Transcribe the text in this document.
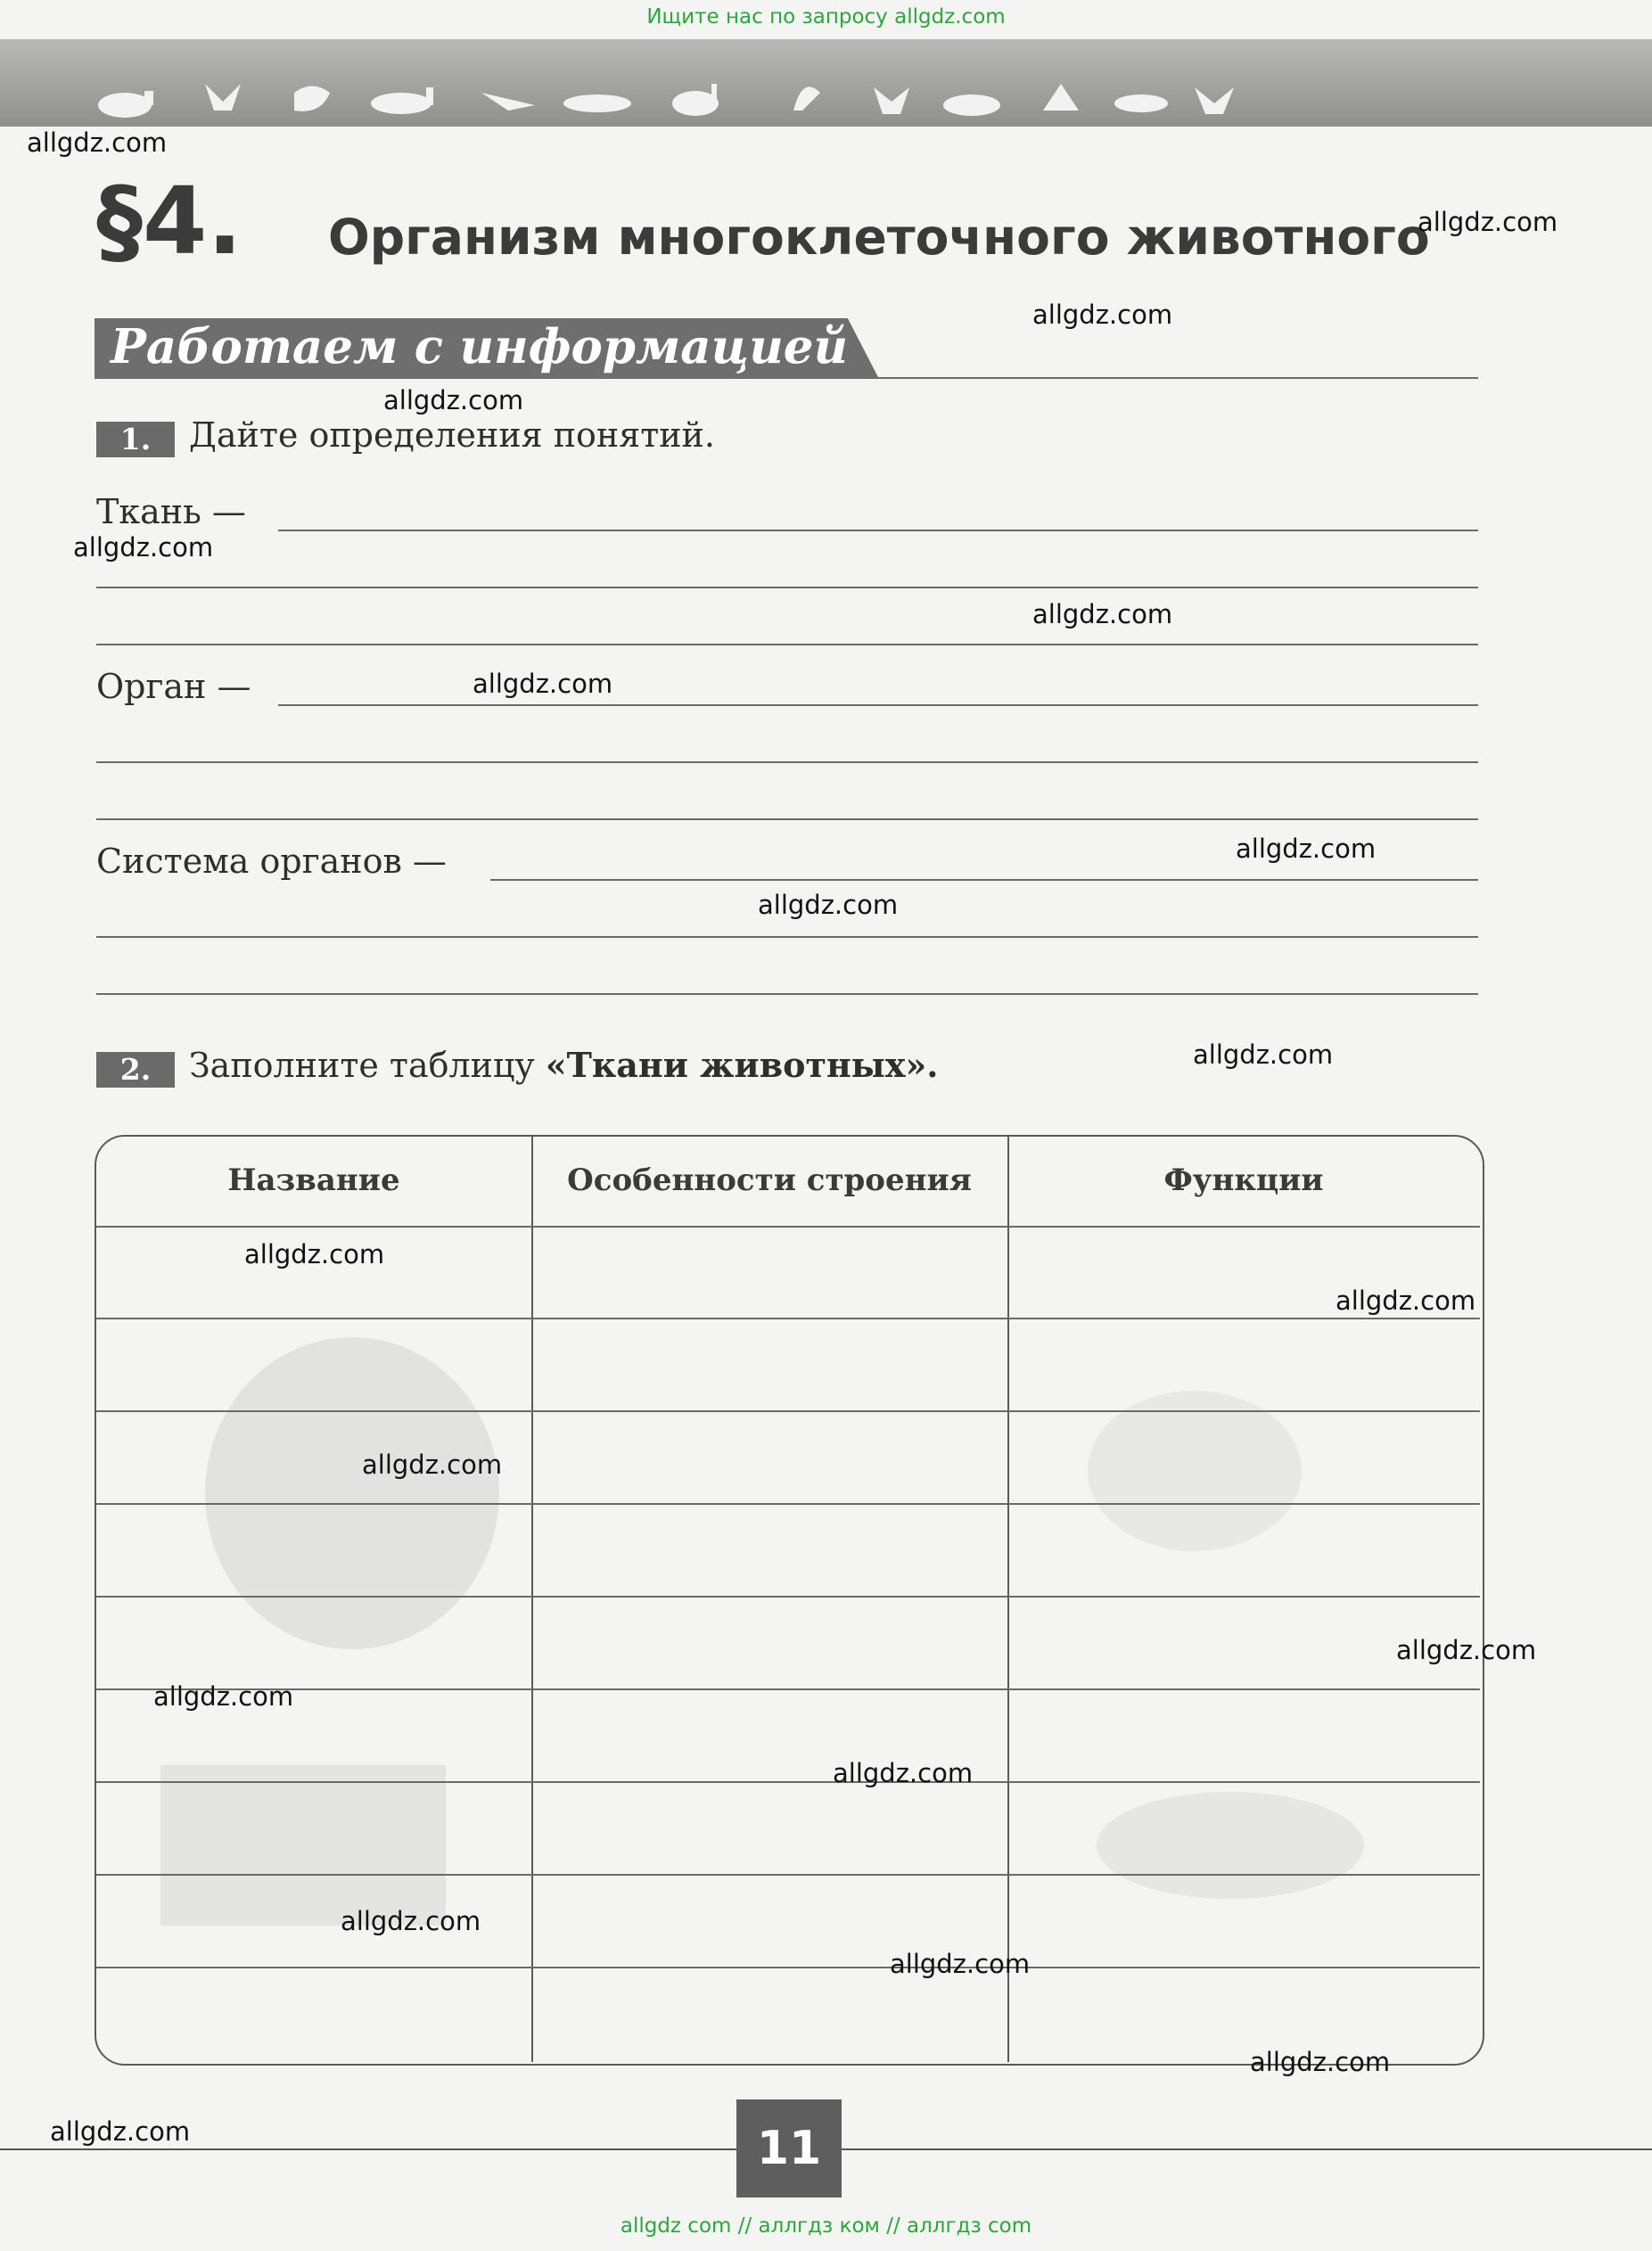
Ищите нас по запросу allgdz.com
§4. Организм многоклеточного животного
Работаем с информацией
1.	Дайте определения понятий.
Ткань —
Орган —
Система органов —
2.	Заполните таблицу «Ткани животных».
Название	Особенности строения	Функции
11
allgdz.com
allgdz.com
allgdz.com
allgdz.com
allgdz.com
allgdz.com
allgdz.com
allgdz.com
allgdz.com
allgdz.com
allgdz.com
allgdz.com
allgdz.com
allgdz.com
allgdz.com
allgdz.com
allgdz.com
allgdz.com
allgdz.com
allgdz.com
allgdz com // аллгдз ком // аллгдз com
